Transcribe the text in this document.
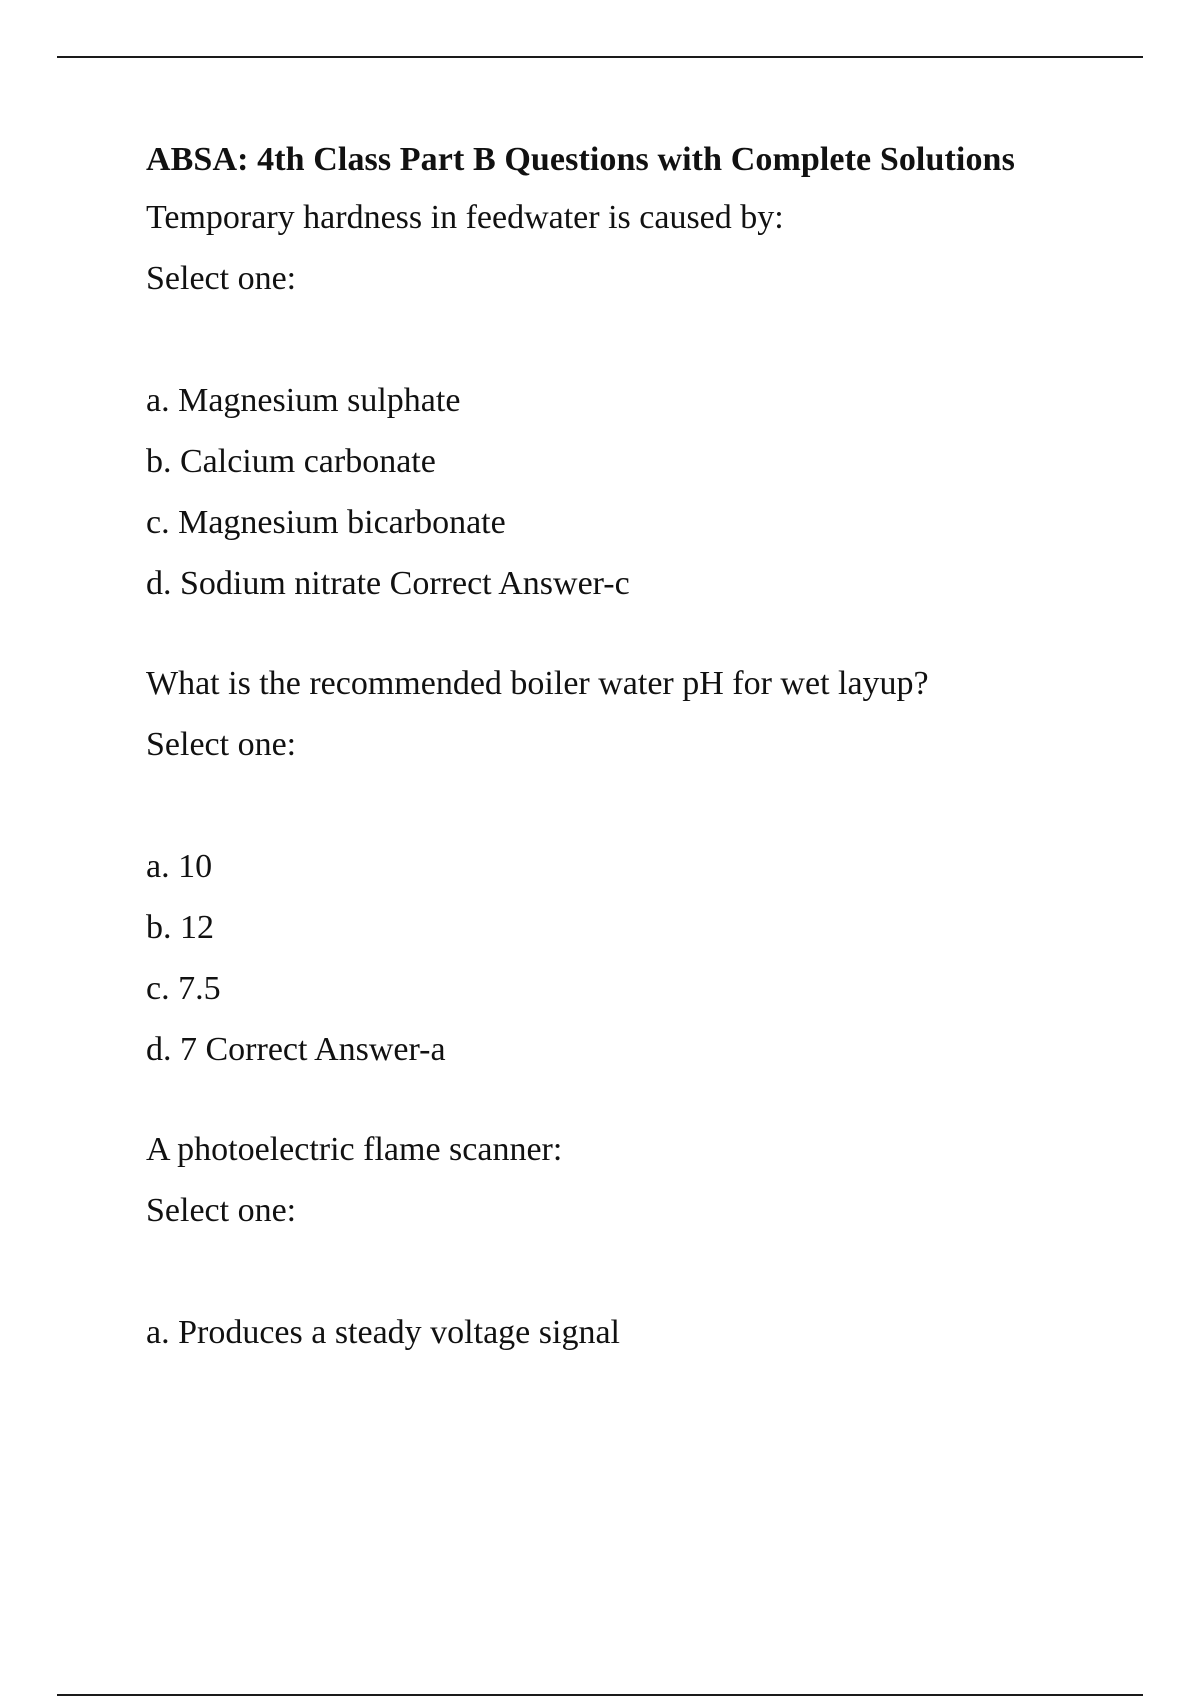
ABSA: 4th Class Part B Questions with Complete Solutions
Temporary hardness in feedwater is caused by:
Select one:
a. Magnesium sulphate
b. Calcium carbonate
c. Magnesium bicarbonate
d. Sodium nitrate Correct Answer-c
What is the recommended boiler water pH for wet layup?
Select one:
a. 10
b. 12
c. 7.5
d. 7 Correct Answer-a
A photoelectric flame scanner:
Select one:
a. Produces a steady voltage signal
